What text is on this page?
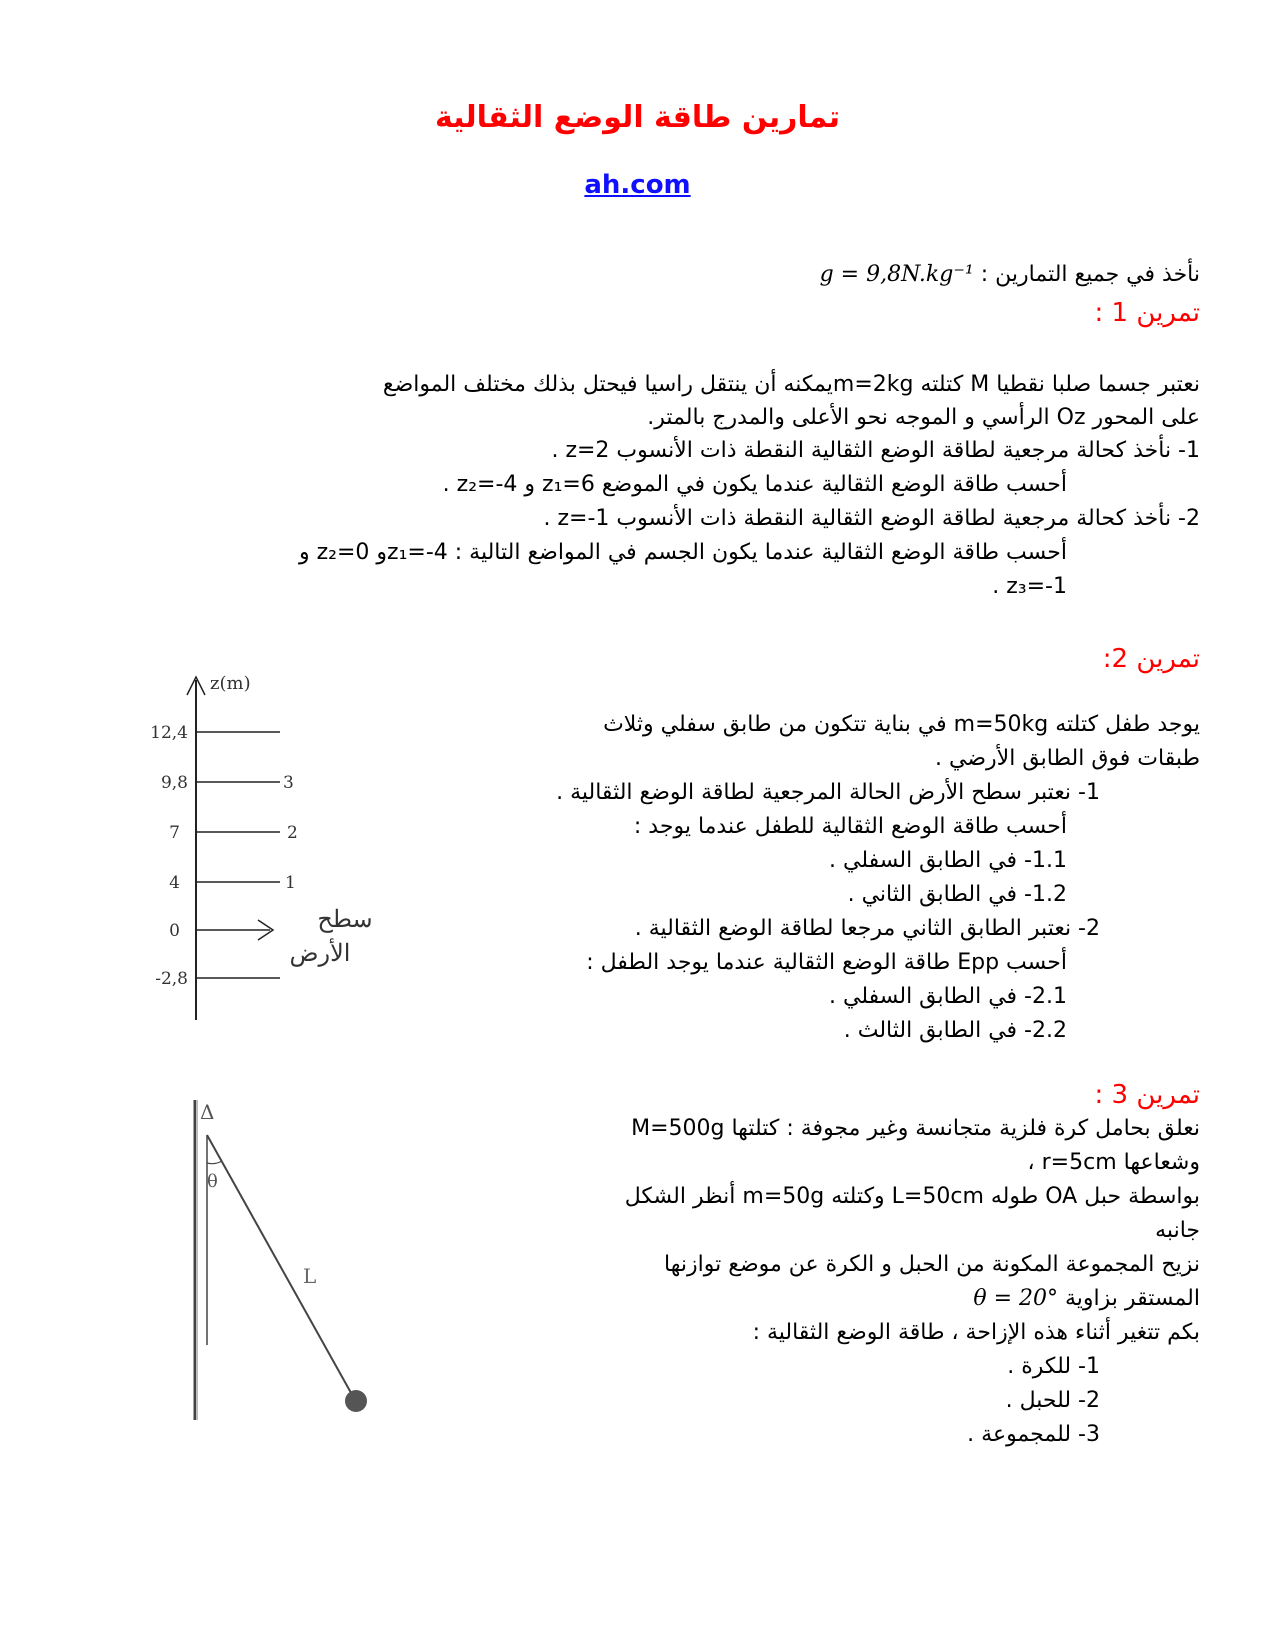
تمارين طاقة الوضع الثقالية
ah.com
نأخذ في جميع التمارين : g = 9,8N.kg⁻¹
تمرين 1 :
نعتبر جسما صلبا نقطيا M كتلته m=2kgيمكنه أن ينتقل راسيا فيحتل بذلك مختلف المواضع
على المحور Oz الرأسي و الموجه نحو الأعلى والمدرج بالمتر.
1- نأخذ كحالة مرجعية لطاقة الوضع الثقالية النقطة ذات الأنسوب z=2 .
أحسب طاقة الوضع الثقالية عندما يكون في الموضع z₁=6 و z₂=-4 .
2- نأخذ كحالة مرجعية لطاقة الوضع الثقالية النقطة ذات الأنسوب z=-1 .
أحسب طاقة الوضع الثقالية عندما يكون الجسم في المواضع التالية : z₁=-4و z₂=0 و
z₃=-1 .
تمرين 2:
يوجد طفل كتلته m=50kg في بناية تتكون من طابق سفلي وثلاث
طبقات فوق الطابق الأرضي .
1- نعتبر سطح الأرض الحالة المرجعية لطاقة الوضع الثقالية .
أحسب طاقة الوضع الثقالية للطفل عندما يوجد :
1.1- في الطابق السفلي .
1.2- في الطابق الثاني .
2- نعتبر الطابق الثاني مرجعا لطاقة الوضع الثقالية .
أحسب Epp طاقة الوضع الثقالية عندما يوجد الطفل :
2.1- في الطابق السفلي .
2.2- في الطابق الثالث .
z(m)
12,4
9,8
7
4
0
-2,8
3
2
1
سطح
الأرض
تمرين 3 :
نعلق بحامل كرة فلزية متجانسة وغير مجوفة : كتلتها M=500g
وشعاعها r=5cm ،
بواسطة حبل OA طوله L=50cm وكتلته m=50g أنظر الشكل
جانبه
نزيح المجموعة المكونة من الحبل و الكرة عن موضع توازنها
المستقر بزاوية θ = 20°
بكم تتغير أثناء هذه الإزاحة ، طاقة الوضع الثقالية :
1- للكرة .
2- للحبل .
3- للمجموعة .
Δ
θ
L
